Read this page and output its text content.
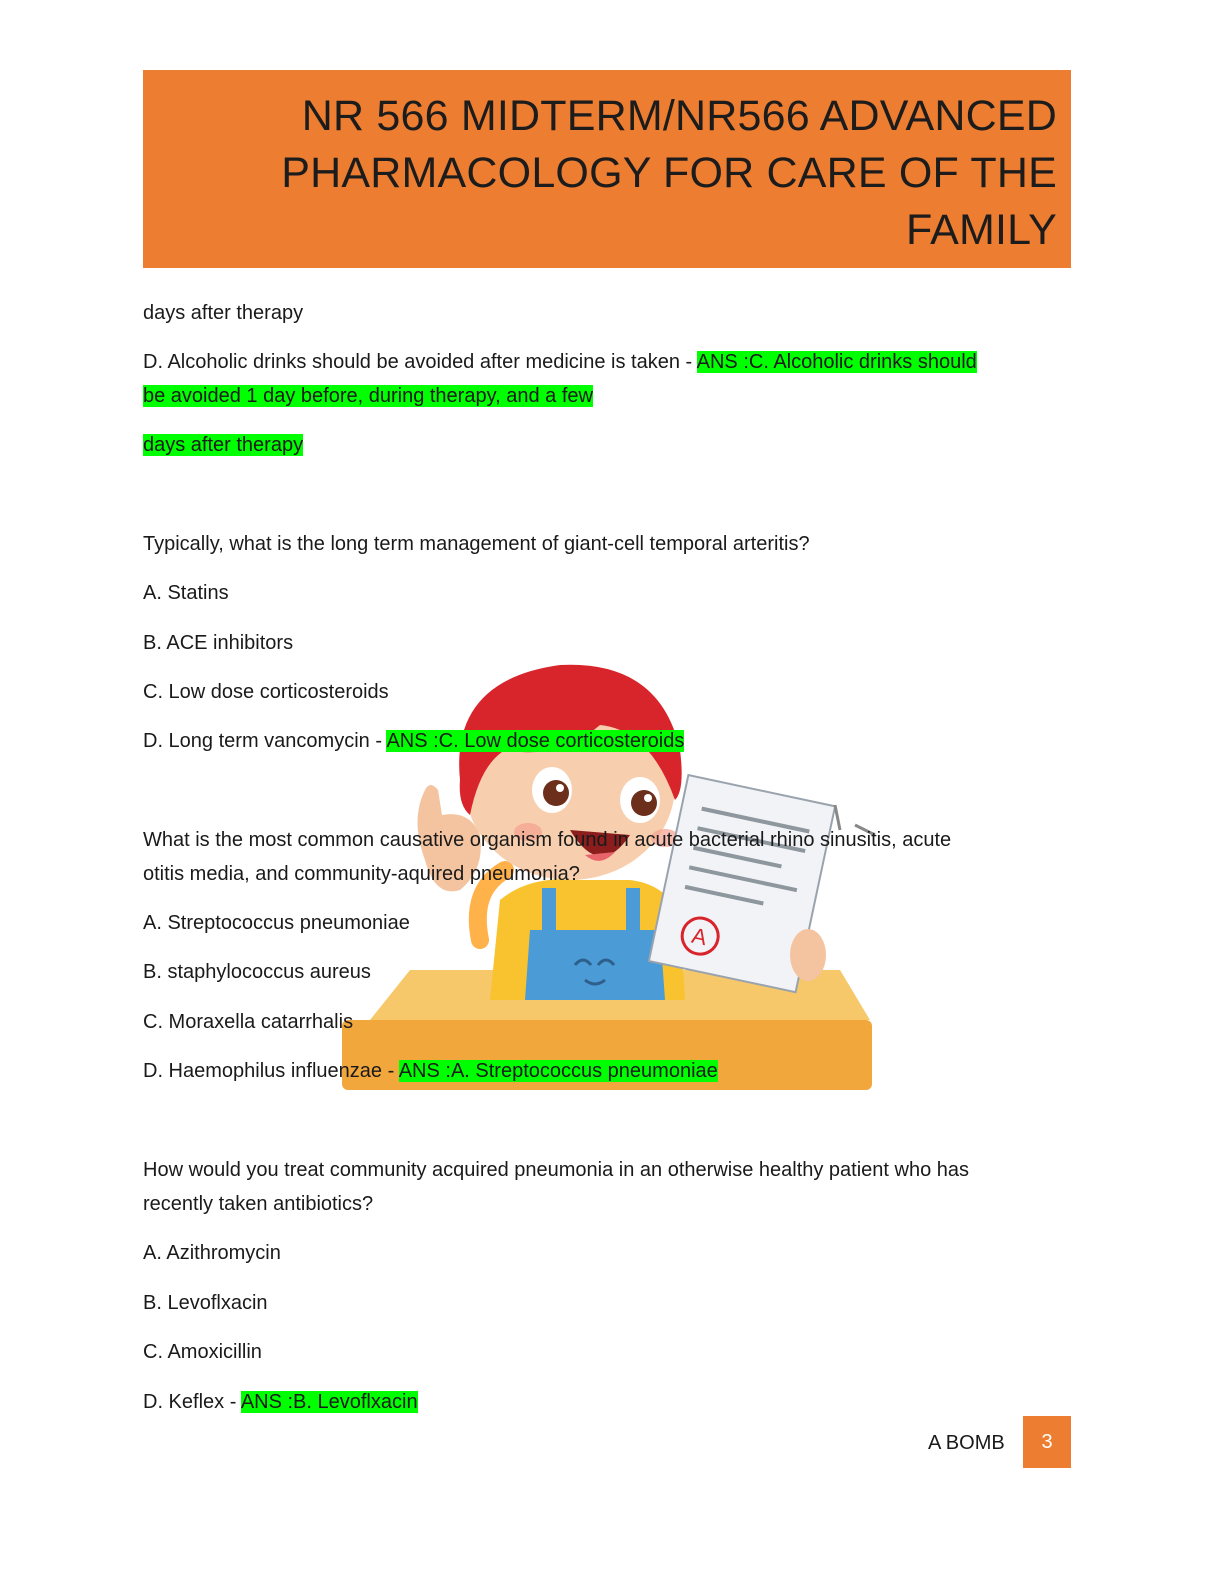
NR 566 MIDTERM/NR566 ADVANCED
PHARMACOLOGY FOR CARE OF THE
FAMILY
A
days after therapy
D. Alcoholic drinks should be avoided after medicine is taken - ANS :C. Alcoholic drinks should
be avoided 1 day before, during therapy, and a few
days after therapy
Typically, what is the long term management of giant-cell temporal arteritis?
A. Statins
B. ACE inhibitors
C. Low dose corticosteroids
D. Long term vancomycin - ANS :C. Low dose corticosteroids
What is the most common causative organism found in acute bacterial rhino sinusitis, acute
otitis media, and community-aquired pneumonia?
A. Streptococcus pneumoniae
B. staphylococcus aureus
C. Moraxella catarrhalis
D. Haemophilus influenzae - ANS :A. Streptococcus pneumoniae
How would you treat community acquired pneumonia in an otherwise healthy patient who has
recently taken antibiotics?
A. Azithromycin
B. Levoflxacin
C. Amoxicillin
D. Keflex - ANS :B. Levoflxacin
A BOMB	3
